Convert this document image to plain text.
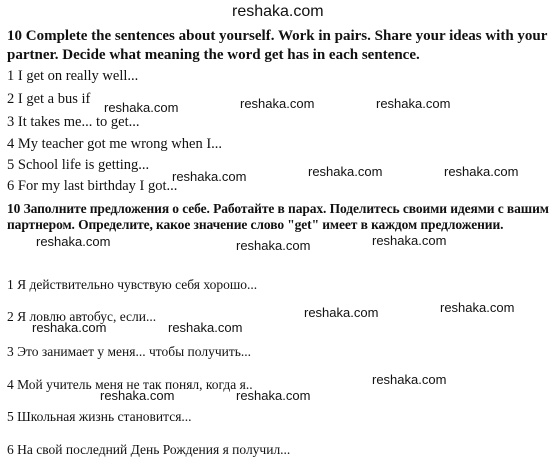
reshaka.com
10 Complete the sentences about yourself. Work in pairs. Share your ideas with your partner. Decide what meaning the word get has in each sentence.
1 I get on really well...
2 I get a bus if
3 It takes me... to get...
4 My teacher got me wrong when I...
5 School life is getting...
6 For my last birthday I got...
10 Заполните предложения о себе. Работайте в парах. Поделитесь своими идеями с вашим партнером. Определите, какое значение слово "get" имеет в каждом предложении.
1 Я действительно чувствую себя хорошо...
2 Я ловлю автобус, если...
3 Это занимает у меня... чтобы получить...
4 Мой учитель меня не так понял, когда я..
5 Школьная жизнь становится...
6 На свой последний День Рождения я получил...
reshaka.com	reshaka.com	reshaka.com
reshaka.com	reshaka.com	reshaka.com
reshaka.com	reshaka.com	reshaka.com
reshaka.com	reshaka.com
reshaka.com	reshaka.com
reshaka.com
reshaka.com	reshaka.com
